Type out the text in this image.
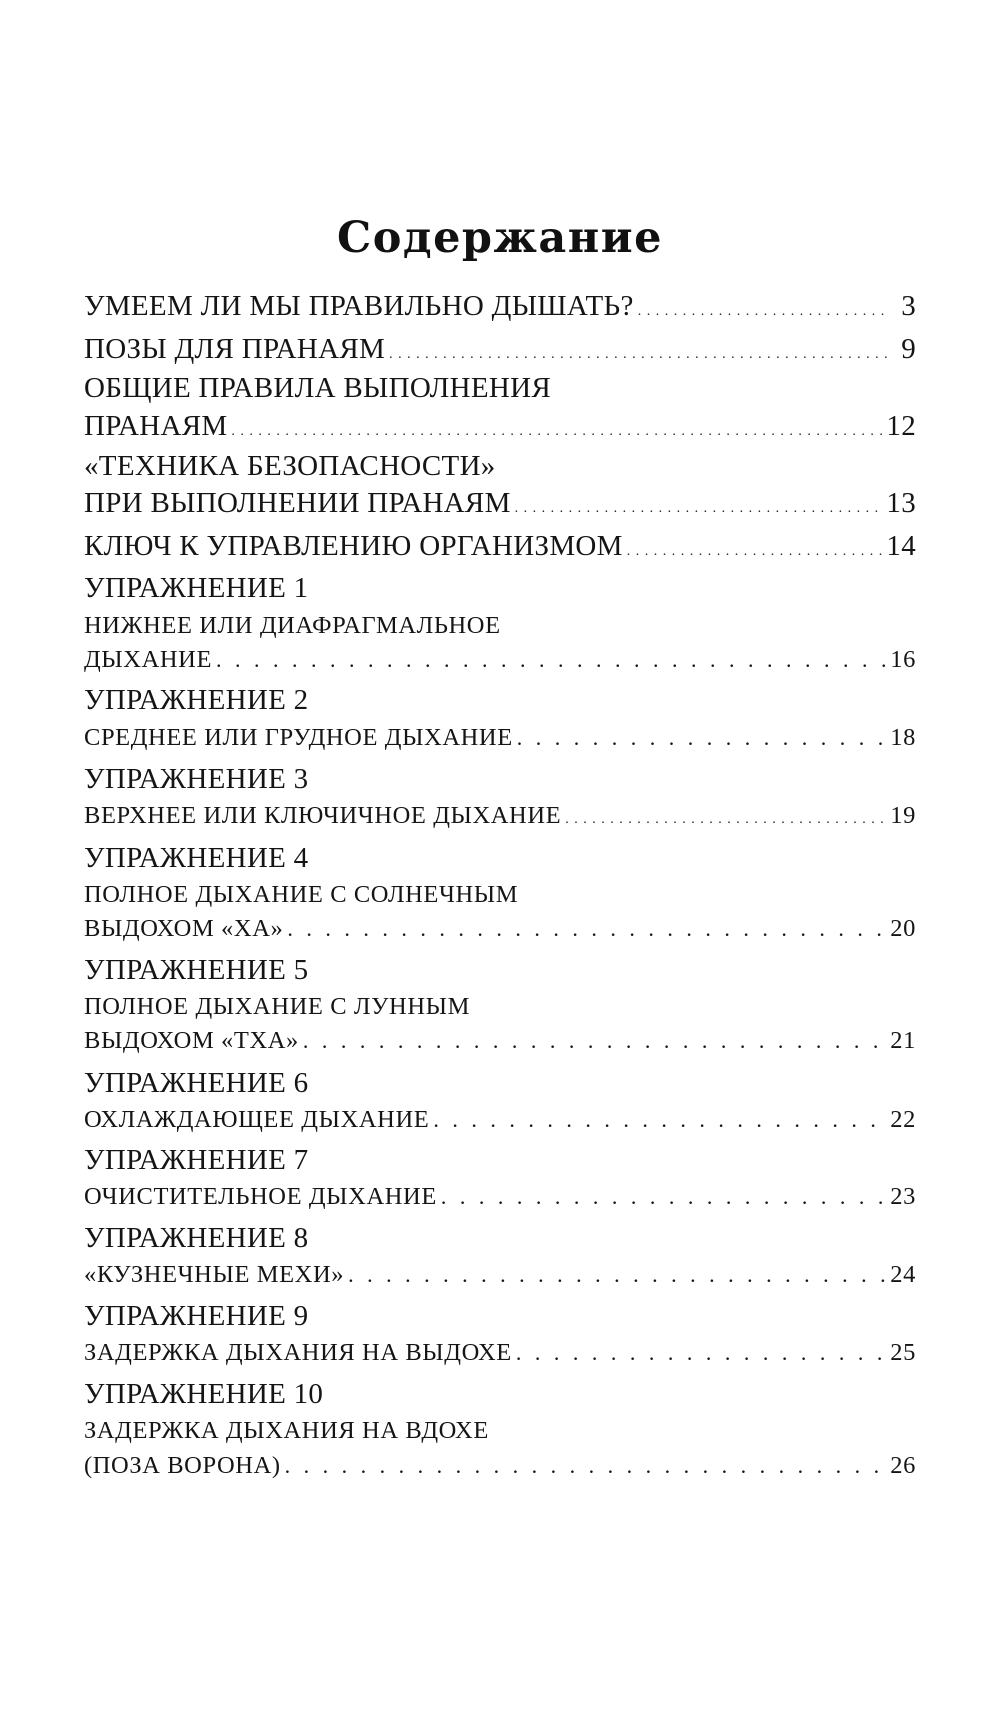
Содержание
УМЕЕМ ЛИ МЫ ПРАВИЛЬНО ДЫШАТЬ? . . .	3
ПОЗЫ ДЛЯ ПРАНАЯМ . . .	9
ОБЩИЕ ПРАВИЛА ВЫПОЛНЕНИЯ
ПРАНАЯМ . . .	12
«ТЕХНИКА БЕЗОПАСНОСТИ»
ПРИ ВЫПОЛНЕНИИ ПРАНАЯМ . . .	13
КЛЮЧ К УПРАВЛЕНИЮ ОРГАНИЗМОМ . . .	14
УПРАЖНЕНИЕ 1
НИЖНЕЕ ИЛИ ДИАФРАГМАЛЬНОЕ
ДЫХАНИЕ . . .	16
УПРАЖНЕНИЕ 2
СРЕДНЕЕ ИЛИ ГРУДНОЕ ДЫХАНИЕ . . .	18
УПРАЖНЕНИЕ 3
ВЕРХНЕЕ ИЛИ КЛЮЧИЧНОЕ ДЫХАНИЕ . . .	19
УПРАЖНЕНИЕ 4
ПОЛНОЕ ДЫХАНИЕ С СОЛНЕЧНЫМ
ВЫДОХОМ «ХА» . . .	20
УПРАЖНЕНИЕ 5
ПОЛНОЕ ДЫХАНИЕ С ЛУННЫМ
ВЫДОХОМ «ТХА» . . .	21
УПРАЖНЕНИЕ 6
ОХЛАЖДАЮЩЕЕ ДЫХАНИЕ . . .	22
УПРАЖНЕНИЕ 7
ОЧИСТИТЕЛЬНОЕ ДЫХАНИЕ . . .	23
УПРАЖНЕНИЕ 8
«КУЗНЕЧНЫЕ МЕХИ» . . .	24
УПРАЖНЕНИЕ 9
ЗАДЕРЖКА ДЫХАНИЯ НА ВЫДОХЕ . . .	25
УПРАЖНЕНИЕ 10
ЗАДЕРЖКА ДЫХАНИЯ НА ВДОХЕ
(ПОЗА ВОРОНА) . . .	26
